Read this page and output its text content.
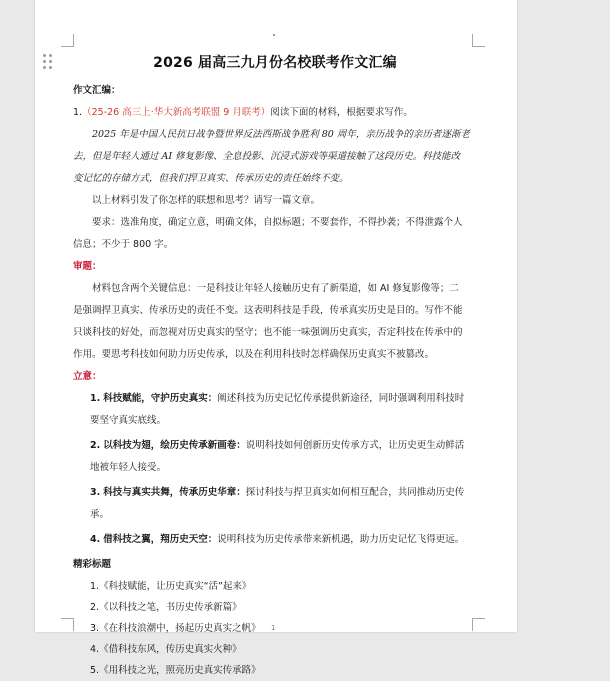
2026 届高三九月份名校联考作文汇编

作文汇编：

1.（25-26 高三上·华大新高考联盟 9 月联考）阅读下面的材料，根据要求写作。

2025 年是中国人民抗日战争暨世界反法西斯战争胜利 80 周年，亲历战争的亲历者逐渐老

去，但是年轻人通过 AI 修复影像、全息投影、沉浸式游戏等渠道接触了这段历史。科技能改

变记忆的存储方式，但我们捍卫真实、传承历史的责任始终不变。

以上材料引发了你怎样的联想和思考？请写一篇文章。

要求：选准角度，确定立意，明确文体，自拟标题；不要套作，不得抄袭；不得泄露个人

信息；不少于 800 字。

审题：

材料包含两个关键信息：一是科技让年轻人接触历史有了新渠道，如 AI 修复影像等；二

是强调捍卫真实、传承历史的责任不变。这表明科技是手段，传承真实历史是目的。写作不能

只谈科技的好处，而忽视对历史真实的坚守；也不能一味强调历史真实，否定科技在传承中的

作用。要思考科技如何助力历史传承，以及在利用科技时怎样确保历史真实不被篡改。

立意：

1. 科技赋能，守护历史真实：阐述科技为历史记忆传承提供新途径，同时强调利用科技时
要坚守真实底线。
2. 以科技为翅，绘历史传承新画卷：说明科技如何创新历史传承方式，让历史更生动鲜活
地被年轻人接受。
3. 科技与真实共舞，传承历史华章：探讨科技与捍卫真实如何相互配合，共同推动历史传
承。
4. 借科技之翼，翔历史天空：说明科技为历史传承带来新机遇，助力历史记忆飞得更远。

精彩标题

1.《科技赋能，让历史真实“活”起来》
2.《以科技之笔，书历史传承新篇》
3.《在科技浪潮中，扬起历史真实之帆》
4.《借科技东风，传历史真实火种》
5.《用科技之光，照亮历史真实传承路》
1
